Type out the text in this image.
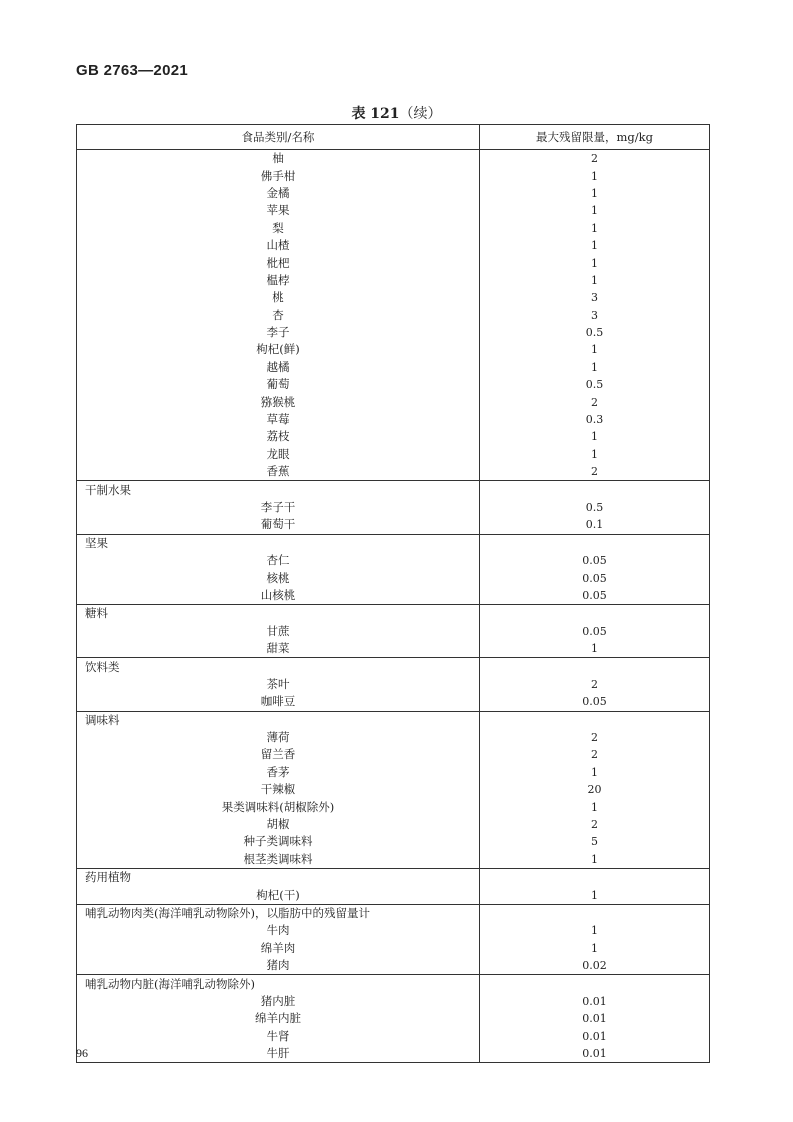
GB 2763—2021
表 121（续）
食品类别/名称	最大残留限量，mg/kg
柚	2
佛手柑	1
金橘	1
苹果	1
梨	1
山楂	1
枇杷	1
榅桲	1
桃	3
杏	3
李子	0.5
枸杞(鲜)	1
越橘	1
葡萄	0.5
猕猴桃	2
草莓	0.3
荔枝	1
龙眼	1
香蕉	2
干制水果	
李子干	0.5
葡萄干	0.1
坚果	
杏仁	0.05
核桃	0.05
山核桃	0.05
糖料	
甘蔗	0.05
甜菜	1
饮料类	
茶叶	2
咖啡豆	0.05
调味料	
薄荷	2
留兰香	2
香茅	1
干辣椒	20
果类调味料(胡椒除外)	1
胡椒	2
种子类调味料	5
根茎类调味料	1
药用植物	
枸杞(干)	1
哺乳动物肉类(海洋哺乳动物除外)，以脂肪中的残留量计	
牛肉	1
绵羊肉	1
猪肉	0.02
哺乳动物内脏(海洋哺乳动物除外)	
猪内脏	0.01
绵羊内脏	0.01
牛肾	0.01
牛肝	0.01
96
